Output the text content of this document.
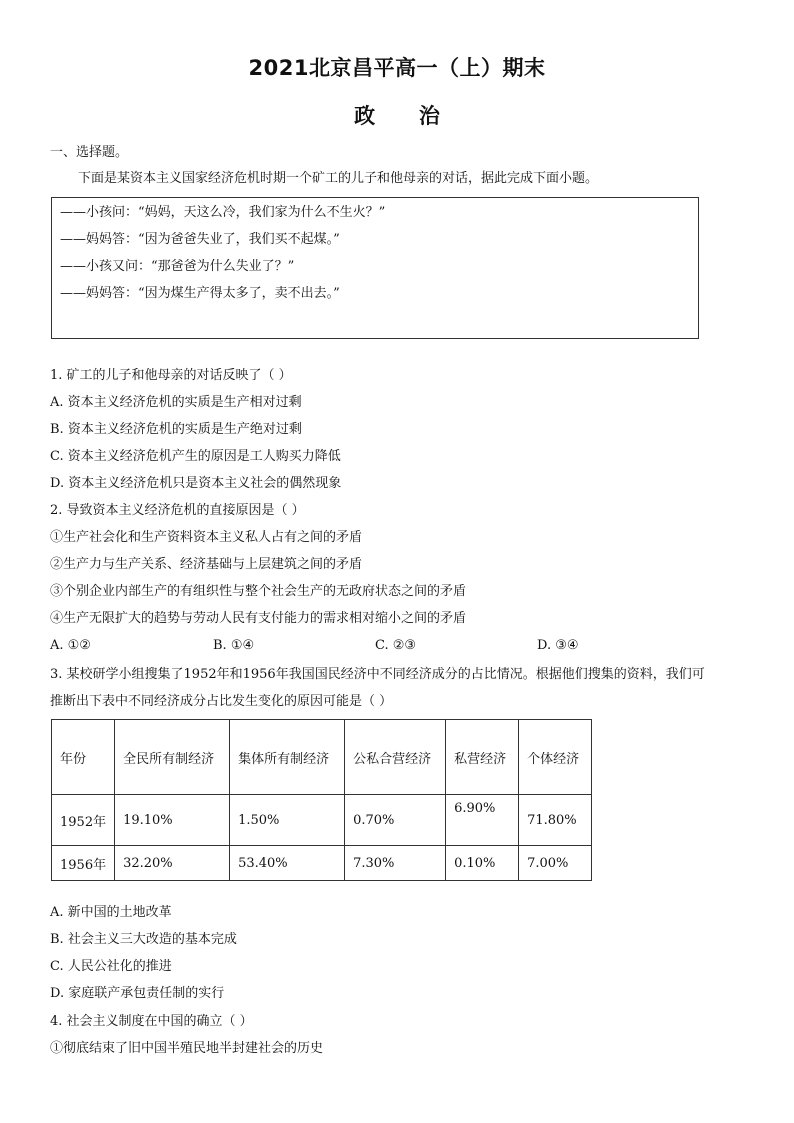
2021北京昌平高一（上）期末
政      治
一、选择题。
下面是某资本主义国家经济危机时期一个矿工的儿子和他母亲的对话，据此完成下面小题。
——小孩问：“妈妈，天这么冷，我们家为什么不生火？”
——妈妈答：“因为爸爸失业了，我们买不起煤。”
——小孩又问：“那爸爸为什么失业了？”
——妈妈答：“因为煤生产得太多了，卖不出去。”
1. 矿工的儿子和他母亲的对话反映了（ ）
A. 资本主义经济危机的实质是生产相对过剩
B. 资本主义经济危机的实质是生产绝对过剩
C. 资本主义经济危机产生的原因是工人购买力降低
D. 资本主义经济危机只是资本主义社会的偶然现象
2. 导致资本主义经济危机的直接原因是（ ）
①生产社会化和生产资料资本主义私人占有之间的矛盾
②生产力与生产关系、经济基础与上层建筑之间的矛盾
③个别企业内部生产的有组织性与整个社会生产的无政府状态之间的矛盾
④生产无限扩大的趋势与劳动人民有支付能力的需求相对缩小之间的矛盾
A. ①②	B. ①④	C. ②③	D. ③④
3. 某校研学小组搜集了1952年和1956年我国国民经济中不同经济成分的占比情况。根据他们搜集的资料，我们可
推断出下表中不同经济成分占比发生变化的原因可能是（ ）
年份	全民所有制经济	集体所有制经济	公私合营经济	私营经济	个体经济
1952年	19.10%	1.50%	0.70%	6.90%	71.80%
1956年	32.20%	53.40%	7.30%	0.10%	7.00%
A. 新中国的土地改革
B. 社会主义三大改造的基本完成
C. 人民公社化的推进
D. 家庭联产承包责任制的实行
4. 社会主义制度在中国的确立（ ）
①彻底结束了旧中国半殖民地半封建社会的历史
